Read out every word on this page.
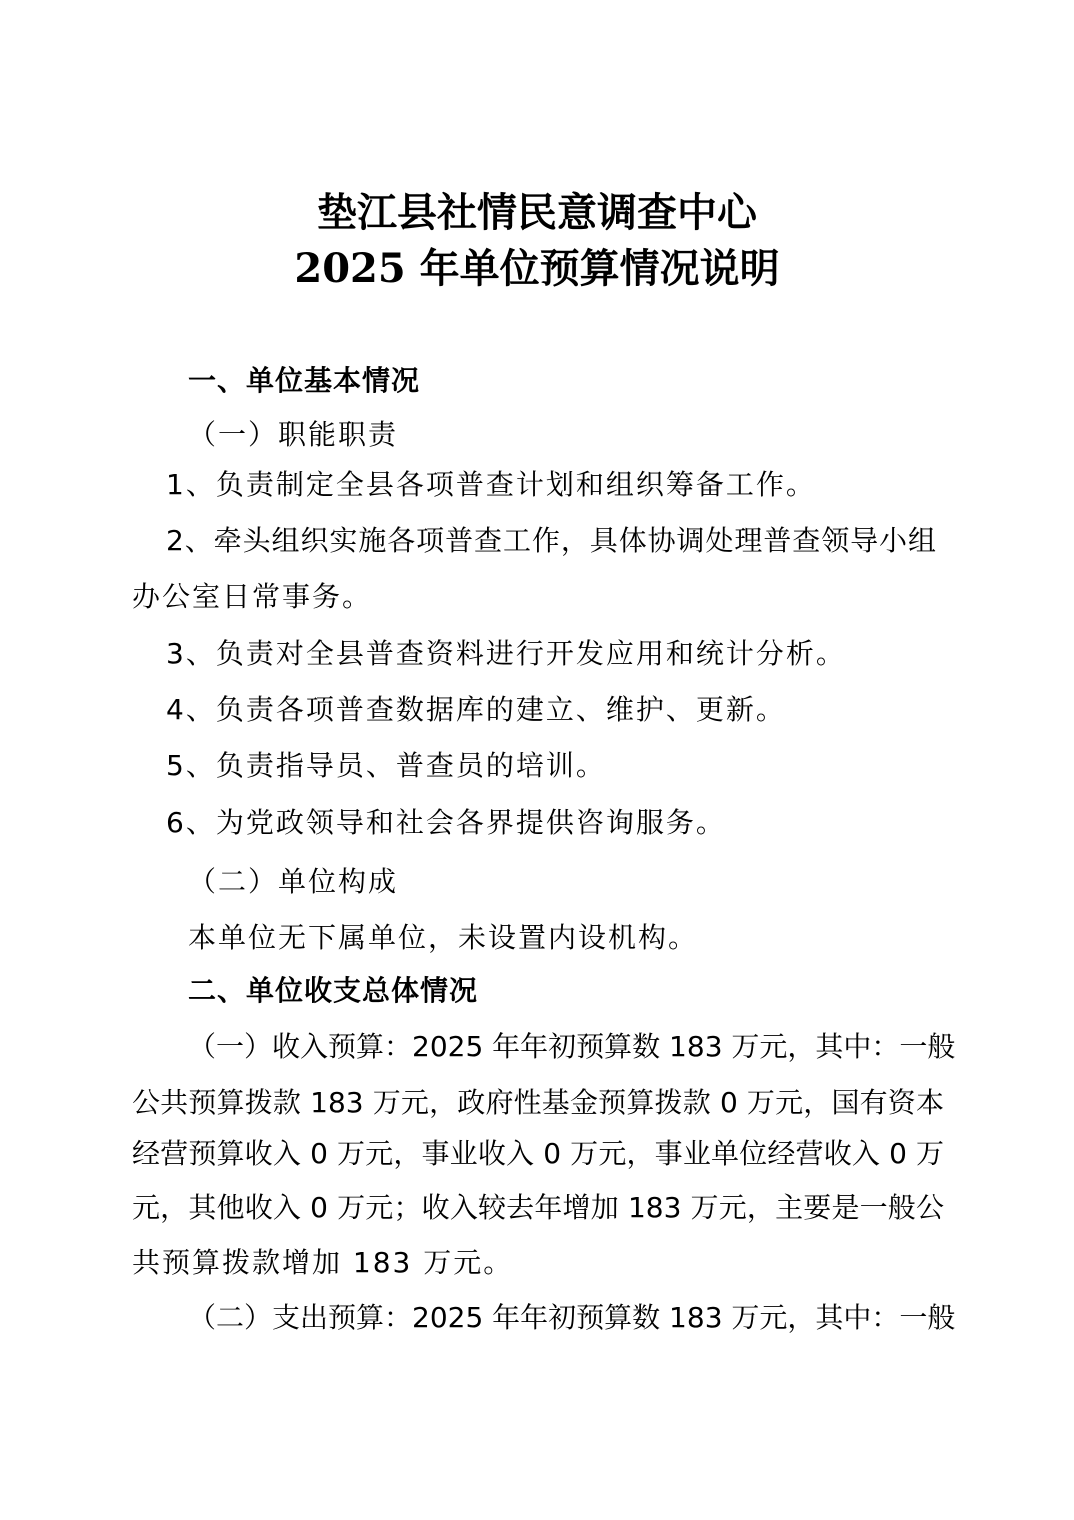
垫江县社情民意调查中心
2025 年单位预算情况说明
一、单位基本情况
（一）职能职责
1、负责制定全县各项普查计划和组织筹备工作。
2、牵头组织实施各项普查工作，具体协调处理普查领导小组
办公室日常事务。
3、负责对全县普查资料进行开发应用和统计分析。
4、负责各项普查数据库的建立、维护、更新。
5、负责指导员、普查员的培训。
6、为党政领导和社会各界提供咨询服务。
（二）单位构成
本单位无下属单位，未设置内设机构。
二、单位收支总体情况
（一）收入预算：2025 年年初预算数 183 万元，其中：一般
公共预算拨款 183 万元，政府性基金预算拨款 0 万元，国有资本
经营预算收入 0 万元，事业收入 0 万元，事业单位经营收入 0 万
元，其他收入 0 万元；收入较去年增加 183 万元，主要是一般公
共预算拨款增加 183 万元。
（二）支出预算：2025 年年初预算数 183 万元，其中：一般
